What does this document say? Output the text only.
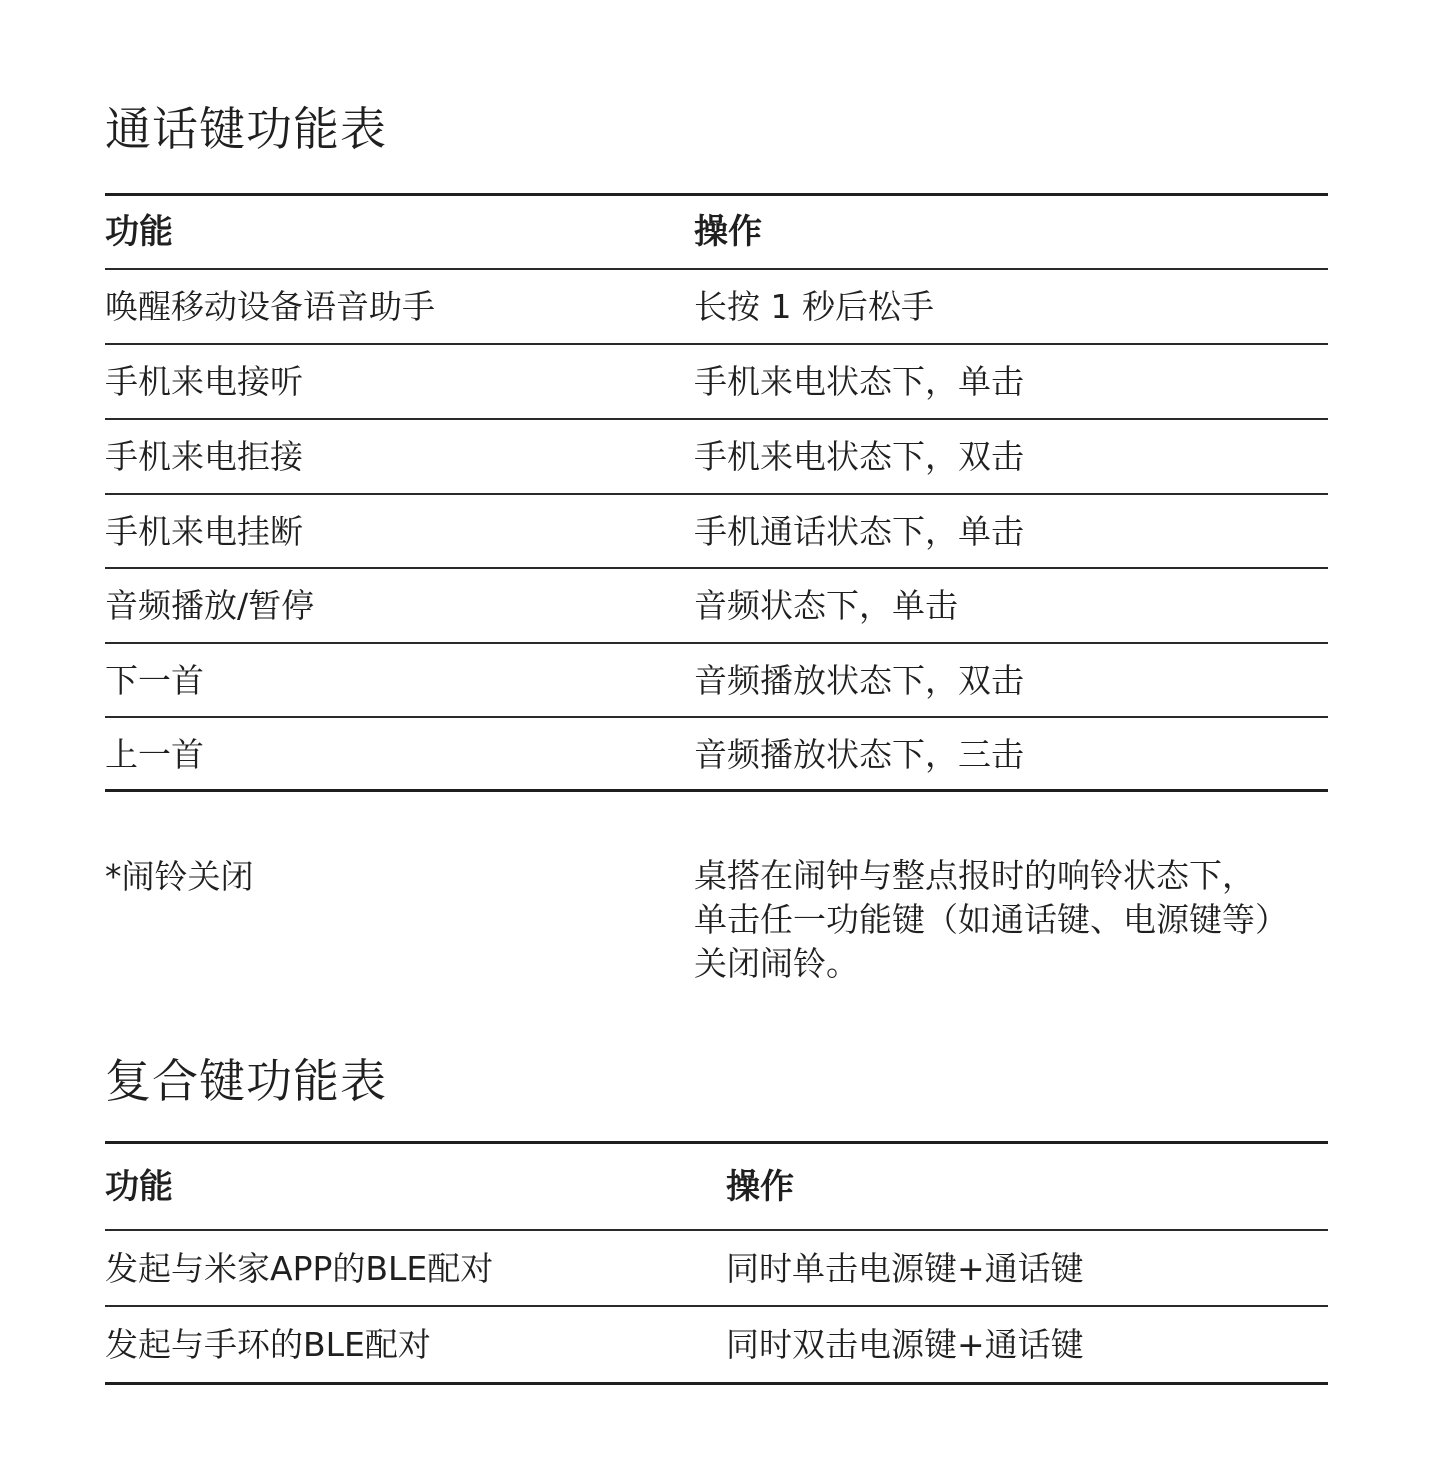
通话键功能表
功能	操作
唤醒移动设备语音助手	长按 1 秒后松手
手机来电接听	手机来电状态下，单击
手机来电拒接	手机来电状态下，双击
手机来电挂断	手机通话状态下，单击
音频播放/暂停	音频状态下，单击
下一首	音频播放状态下，双击
上一首	音频播放状态下，三击
*闹铃关闭	桌搭在闹钟与整点报时的响铃状态下，
单击任一功能键（如通话键、电源键等）
关闭闹铃。
复合键功能表
功能	操作
发起与米家APP的BLE配对	同时单击电源键+通话键
发起与手环的BLE配对	同时双击电源键+通话键
